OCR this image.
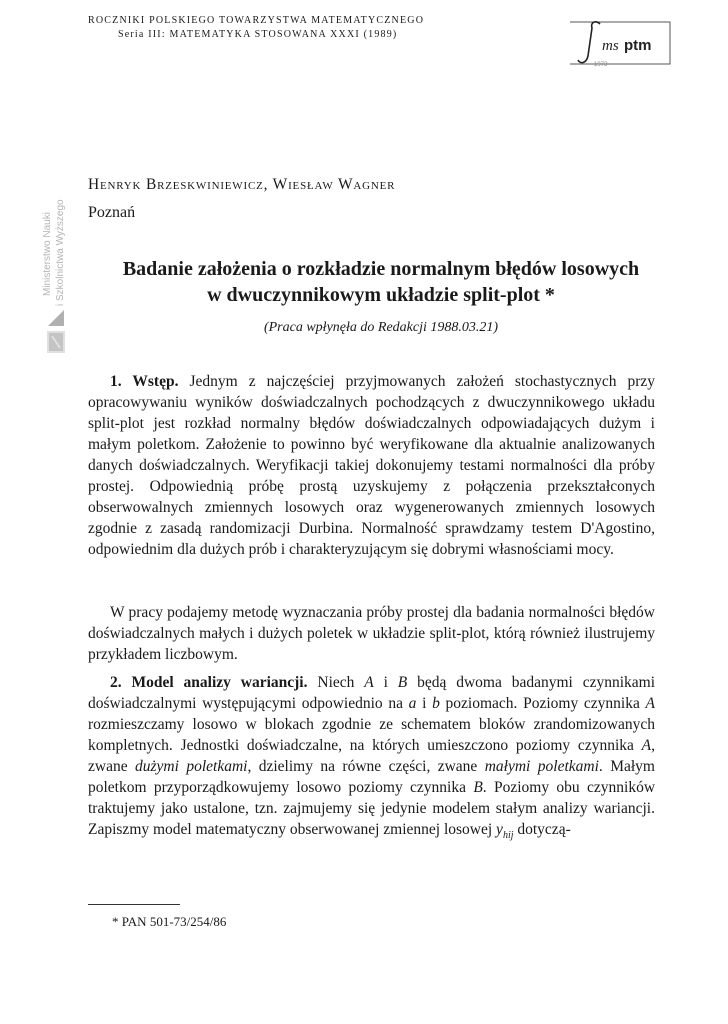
ROCZNIKI POLSKIEGO TOWARZYSTWA MATEMATYCZNEGO
Seria III: MATEMATYKA STOSOWANA XXXI (1989)
ms ptm
1973
Ministerstwo Nauki i Szkolnictwa Wyższego
Henryk Brzeskwiniewicz, Wiesław Wagner
Poznań
Badanie założenia o rozkładzie normalnym błędów losowych
w dwuczynnikowym układzie split-plot *
(Praca wpłynęła do Redakcji 1988.03.21)
1. Wstęp. Jednym z najczęściej przyjmowanych założeń stochastycznych przy opracowywaniu wyników doświadczalnych pochodzących z dwuczynnikowego układu split-plot jest rozkład normalny błędów doświadczalnych odpowiadających dużym i małym poletkom. Założenie to powinno być weryfikowane dla aktualnie analizowanych danych doświadczalnych. Weryfikacji takiej dokonujemy testami normalności dla próby prostej. Odpowiednią próbę prostą uzyskujemy z połączenia przekształconych obserwowalnych zmiennych losowych oraz wygenerowanych zmiennych losowych zgodnie z zasadą randomizacji Durbina. Normalność sprawdzamy testem D'Agostino, odpowiednim dla dużych prób i charakteryzującym się dobrymi własnościami mocy.
W pracy podajemy metodę wyznaczania próby prostej dla badania normalności błędów doświadczalnych małych i dużych poletek w układzie split-plot, którą również ilustrujemy przykładem liczbowym.
2. Model analizy wariancji. Niech A i B będą dwoma badanymi czynnikami doświadczalnymi występującymi odpowiednio na a i b poziomach. Poziomy czynnika A rozmieszczamy losowo w blokach zgodnie ze schematem bloków zrandomizowanych kompletnych. Jednostki doświadczalne, na których umieszczono poziomy czynnika A, zwane dużymi poletkami, dzielimy na równe części, zwane małymi poletkami. Małym poletkom przyporządkowujemy losowo poziomy czynnika B. Poziomy obu czynników traktujemy jako ustalone, tzn. zajmujemy się jedynie modelem stałym analizy wariancji. Zapiszmy model matematyczny obserwowanej zmiennej losowej $y_{hij}$ dotyczą-
* PAN 501-73/254/86
